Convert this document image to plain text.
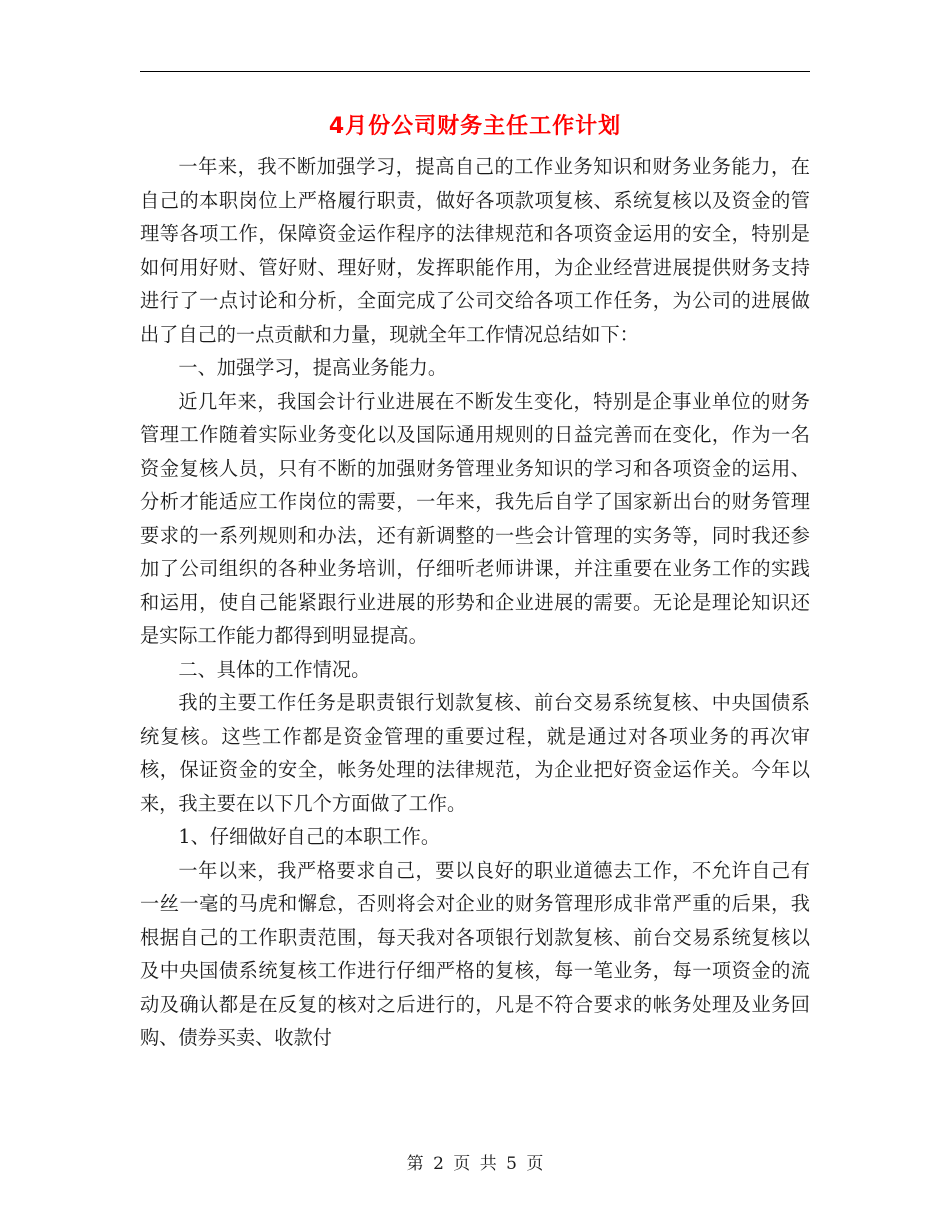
4月份公司财务主任工作计划

一年来，我不断加强学习，提高自己的工作业务知识和财务业务能力，在自己的本职岗位上严格履行职责，做好各项款项复核、系统复核以及资金的管理等各项工作，保障资金运作程序的法律规范和各项资金运用的安全，特别是如何用好财、管好财、理好财，发挥职能作用，为企业经营进展提供财务支持进行了一点讨论和分析，全面完成了公司交给各项工作任务，为公司的进展做出了自己的一点贡献和力量，现就全年工作情况总结如下：

一、加强学习，提高业务能力。

近几年来，我国会计行业进展在不断发生变化，特别是企事业单位的财务管理工作随着实际业务变化以及国际通用规则的日益完善而在变化，作为一名资金复核人员，只有不断的加强财务管理业务知识的学习和各项资金的运用、分析才能适应工作岗位的需要，一年来，我先后自学了国家新出台的财务管理要求的一系列规则和办法，还有新调整的一些会计管理的实务等，同时我还参加了公司组织的各种业务培训，仔细听老师讲课，并注重要在业务工作的实践和运用，使自己能紧跟行业进展的形势和企业进展的需要。无论是理论知识还是实际工作能力都得到明显提高。

二、具体的工作情况。

我的主要工作任务是职责银行划款复核、前台交易系统复核、中央国债系统复核。这些工作都是资金管理的重要过程，就是通过对各项业务的再次审核，保证资金的安全，帐务处理的法律规范，为企业把好资金运作关。今年以来，我主要在以下几个方面做了工作。

1、仔细做好自己的本职工作。

一年以来，我严格要求自己，要以良好的职业道德去工作，不允许自己有一丝一毫的马虎和懈怠，否则将会对企业的财务管理形成非常严重的后果，我根据自己的工作职责范围，每天我对各项银行划款复核、前台交易系统复核以及中央国债系统复核工作进行仔细严格的复核，每一笔业务，每一项资金的流动及确认都是在反复的核对之后进行的，凡是不符合要求的帐务处理及业务回购、债券买卖、收款付

第 2 页 共 5 页
